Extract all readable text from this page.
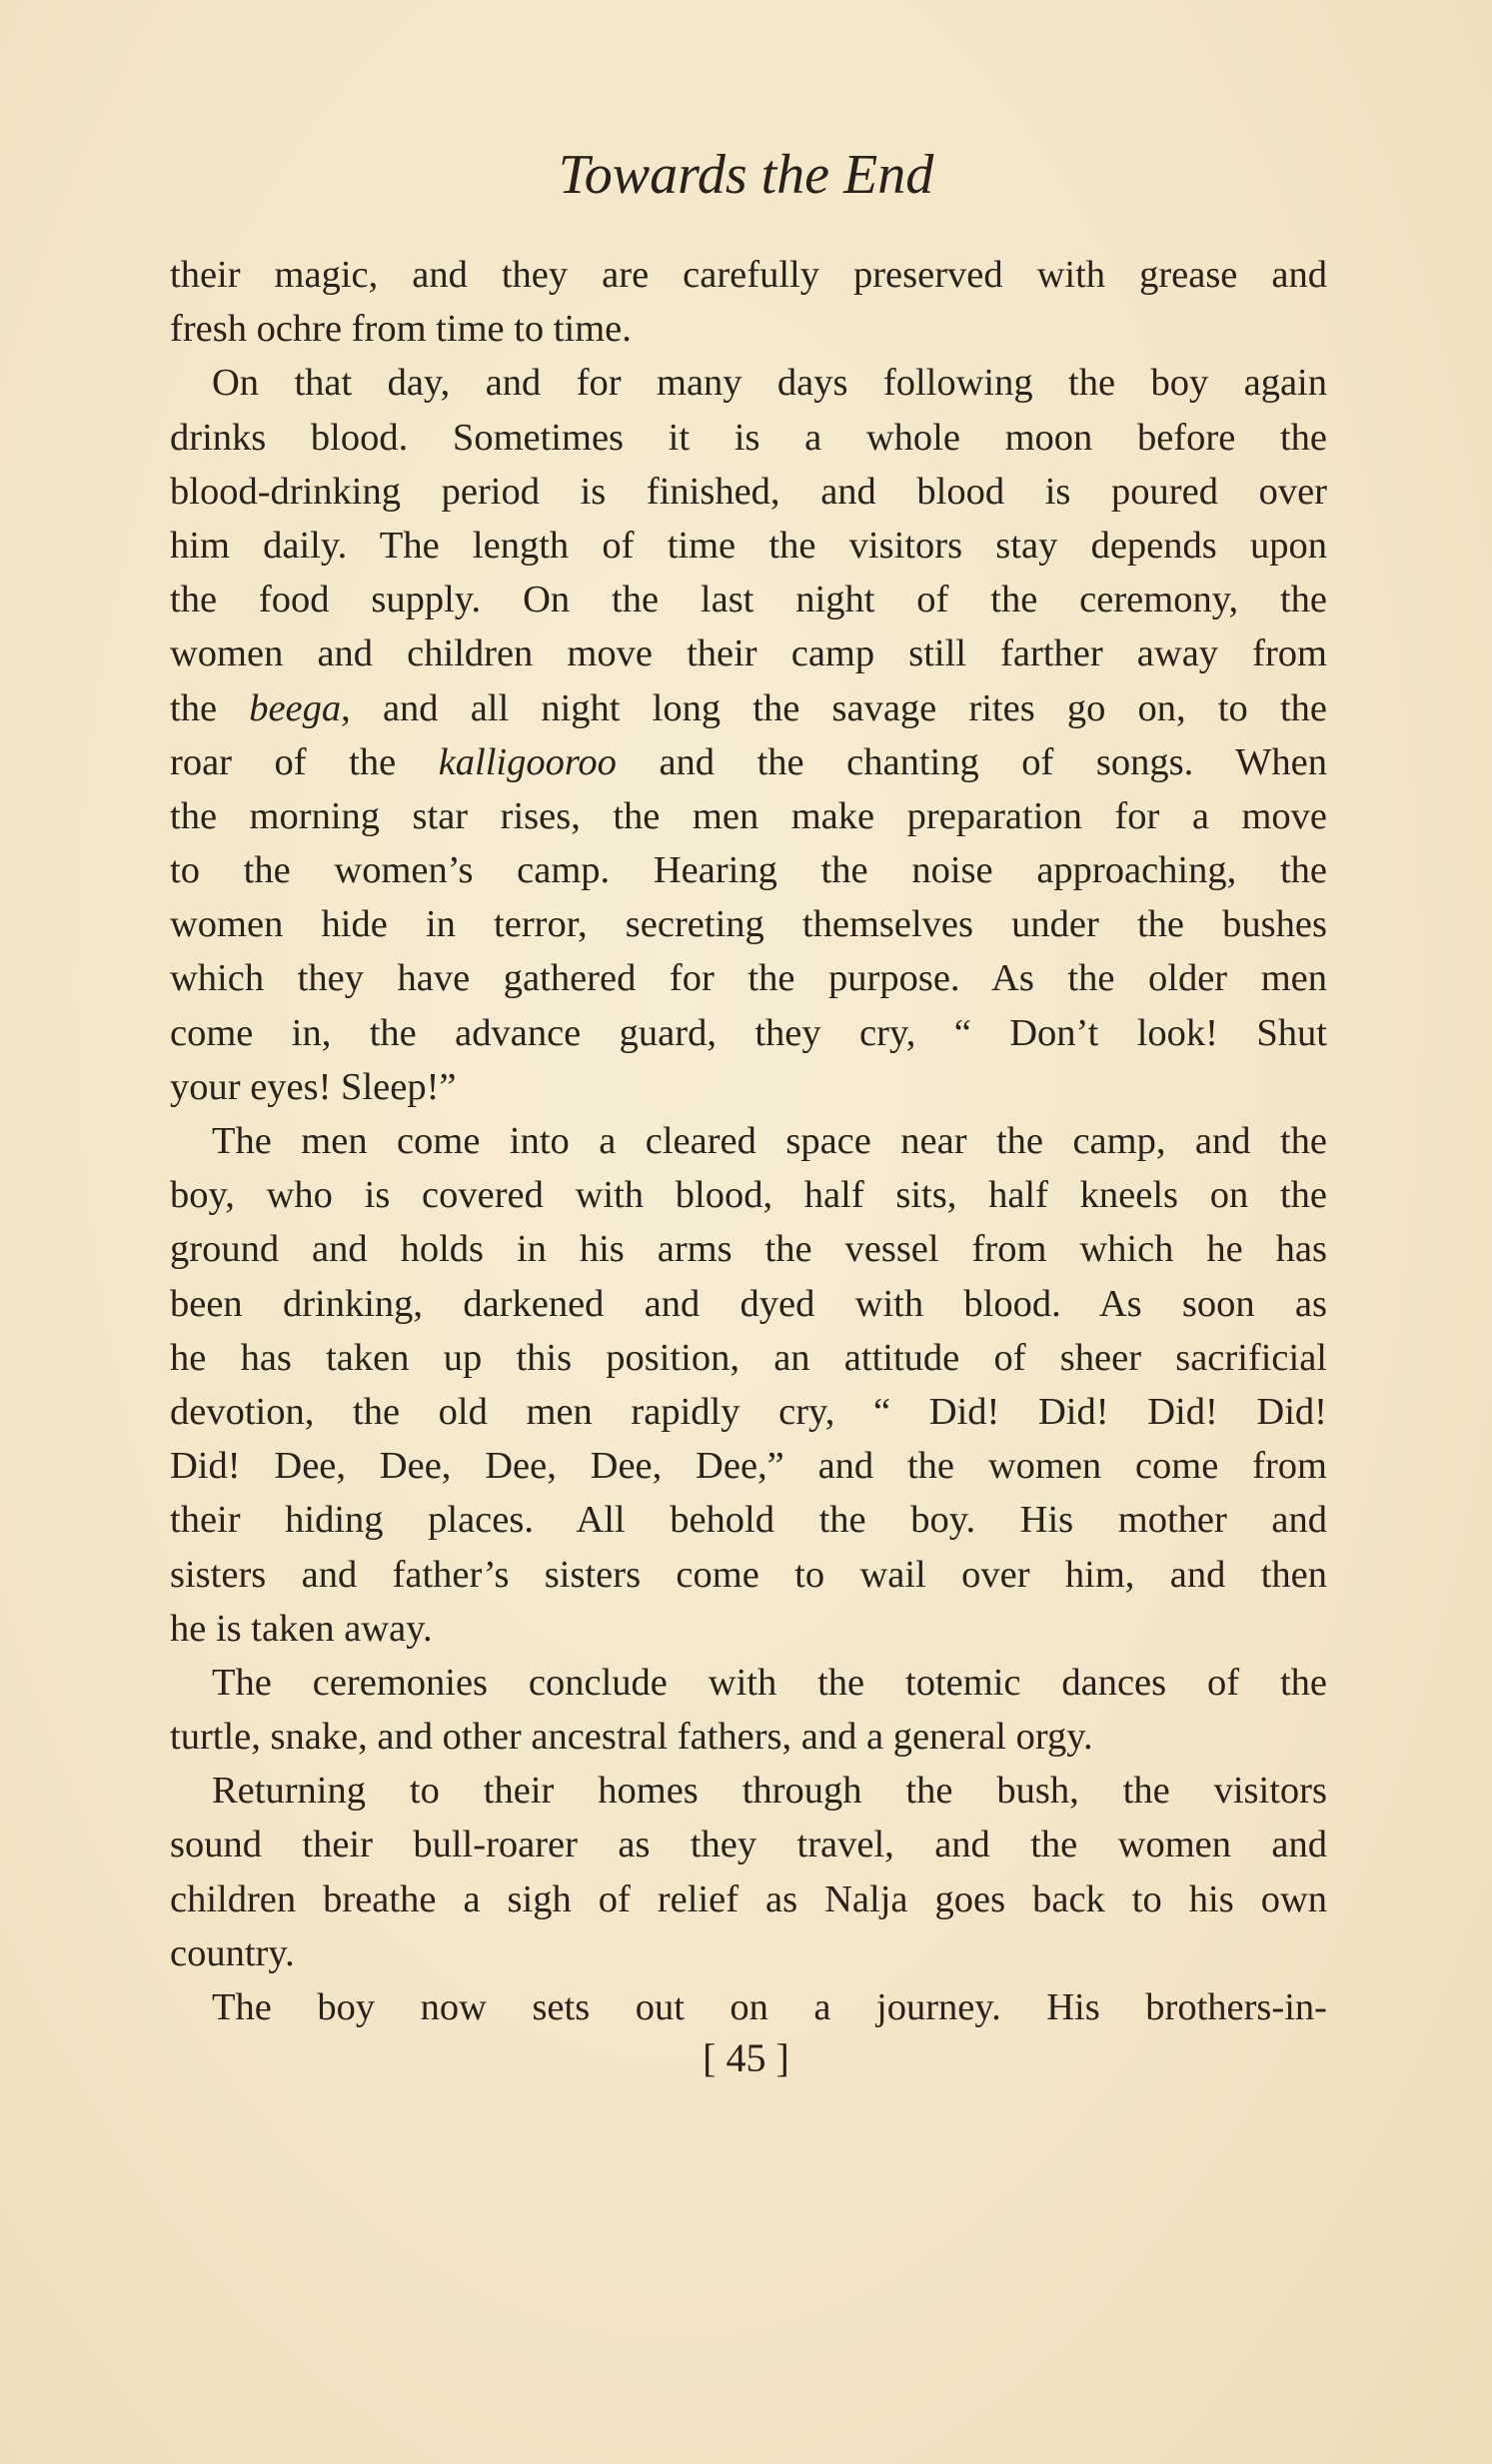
Towards the End
their magic, and they are carefully preserved with grease and
fresh ochre from time to time.
On that day, and for many days following the boy again
drinks blood. Sometimes it is a whole moon before the
blood-drinking period is finished, and blood is poured over
him daily. The length of time the visitors stay depends upon
the food supply. On the last night of the ceremony, the
women and children move their camp still farther away from
the beega, and all night long the savage rites go on, to the
roar of the kalligooroo and the chanting of songs. When
the morning star rises, the men make preparation for a move
to the women’s camp. Hearing the noise approaching, the
women hide in terror, secreting themselves under the bushes
which they have gathered for the purpose. As the older men
come in, the advance guard, they cry, “ Don’t look! Shut
your eyes! Sleep!”
The men come into a cleared space near the camp, and the
boy, who is covered with blood, half sits, half kneels on the
ground and holds in his arms the vessel from which he has
been drinking, darkened and dyed with blood. As soon as
he has taken up this position, an attitude of sheer sacrificial
devotion, the old men rapidly cry, “ Did! Did! Did! Did!
Did! Dee, Dee, Dee, Dee, Dee,” and the women come from
their hiding places. All behold the boy. His mother and
sisters and father’s sisters come to wail over him, and then
he is taken away.
The ceremonies conclude with the totemic dances of the
turtle, snake, and other ancestral fathers, and a general orgy.
Returning to their homes through the bush, the visitors
sound their bull-roarer as they travel, and the women and
children breathe a sigh of relief as Nalja goes back to his own
country.
The boy now sets out on a journey. His brothers-in-
[ 45 ]
